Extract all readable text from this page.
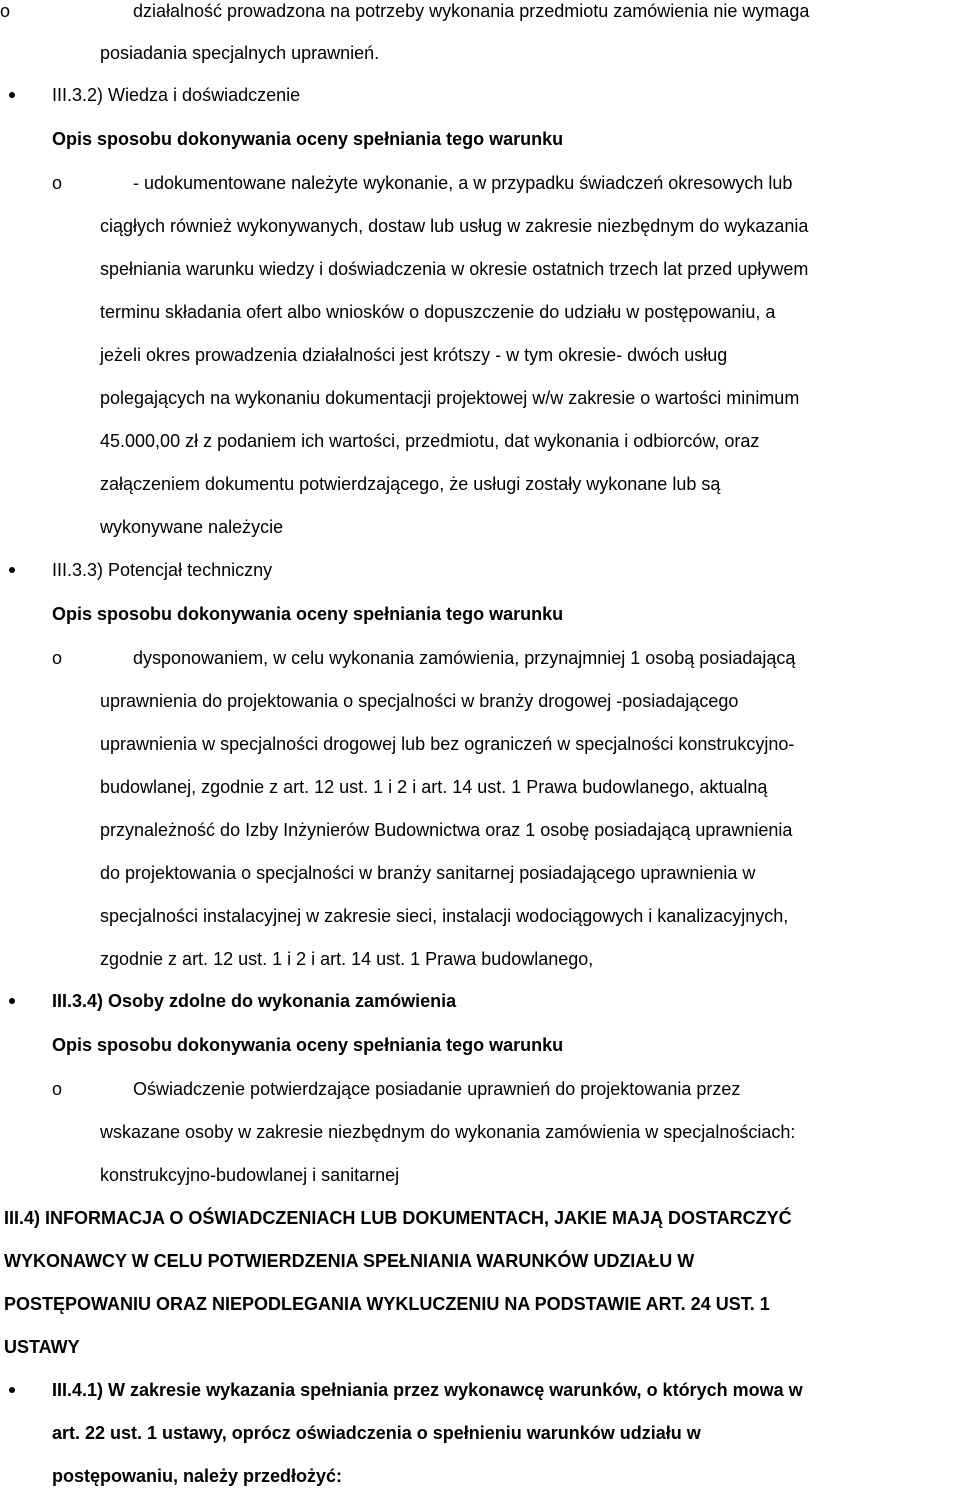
o	działalność prowadzona na potrzeby wykonania przedmiotu zamówienia nie wymaga
posiadania specjalnych uprawnień.
III.3.2) Wiedza i doświadczenie
Opis sposobu dokonywania oceny spełniania tego warunku
o	- udokumentowane należyte wykonanie, a w przypadku świadczeń okresowych lub
ciągłych również wykonywanych, dostaw lub usług w zakresie niezbędnym do wykazania
spełniania warunku wiedzy i doświadczenia w okresie ostatnich trzech lat przed upływem
terminu składania ofert albo wniosków o dopuszczenie do udziału w postępowaniu, a
jeżeli okres prowadzenia działalności jest krótszy - w tym okresie- dwóch usług
polegających na wykonaniu dokumentacji projektowej w/w zakresie o wartości minimum
45.000,00 zł z podaniem ich wartości, przedmiotu, dat wykonania i odbiorców, oraz
załączeniem dokumentu potwierdzającego, że usługi zostały wykonane lub są
wykonywane należycie
III.3.3) Potencjał techniczny
Opis sposobu dokonywania oceny spełniania tego warunku
o	dysponowaniem, w celu wykonania zamówienia, przynajmniej 1 osobą posiadającą
uprawnienia do projektowania o specjalności w branży drogowej -posiadającego
uprawnienia w specjalności drogowej lub bez ograniczeń w specjalności konstrukcyjno-
budowlanej, zgodnie z art. 12 ust. 1 i 2 i art. 14 ust. 1 Prawa budowlanego, aktualną
przynależność do Izby Inżynierów Budownictwa oraz 1 osobę posiadającą uprawnienia
do projektowania o specjalności w branży sanitarnej posiadającego uprawnienia w
specjalności instalacyjnej w zakresie sieci, instalacji wodociągowych i kanalizacyjnych,
zgodnie z art. 12 ust. 1 i 2 i art. 14 ust. 1 Prawa budowlanego,
III.3.4) Osoby zdolne do wykonania zamówienia
Opis sposobu dokonywania oceny spełniania tego warunku
o	Oświadczenie potwierdzające posiadanie uprawnień do projektowania przez
wskazane osoby w zakresie niezbędnym do wykonania zamówienia w specjalnościach:
konstrukcyjno-budowlanej i sanitarnej
III.4) INFORMACJA O OŚWIADCZENIACH LUB DOKUMENTACH, JAKIE MAJĄ DOSTARCZYĆ
WYKONAWCY W CELU POTWIERDZENIA SPEŁNIANIA WARUNKÓW UDZIAŁU W
POSTĘPOWANIU ORAZ NIEPODLEGANIA WYKLUCZENIU NA PODSTAWIE ART. 24 UST. 1
USTAWY
III.4.1) W zakresie wykazania spełniania przez wykonawcę warunków, o których mowa w
art. 22 ust. 1 ustawy, oprócz oświadczenia o spełnieniu warunków udziału w
postępowaniu, należy przedłożyć:
